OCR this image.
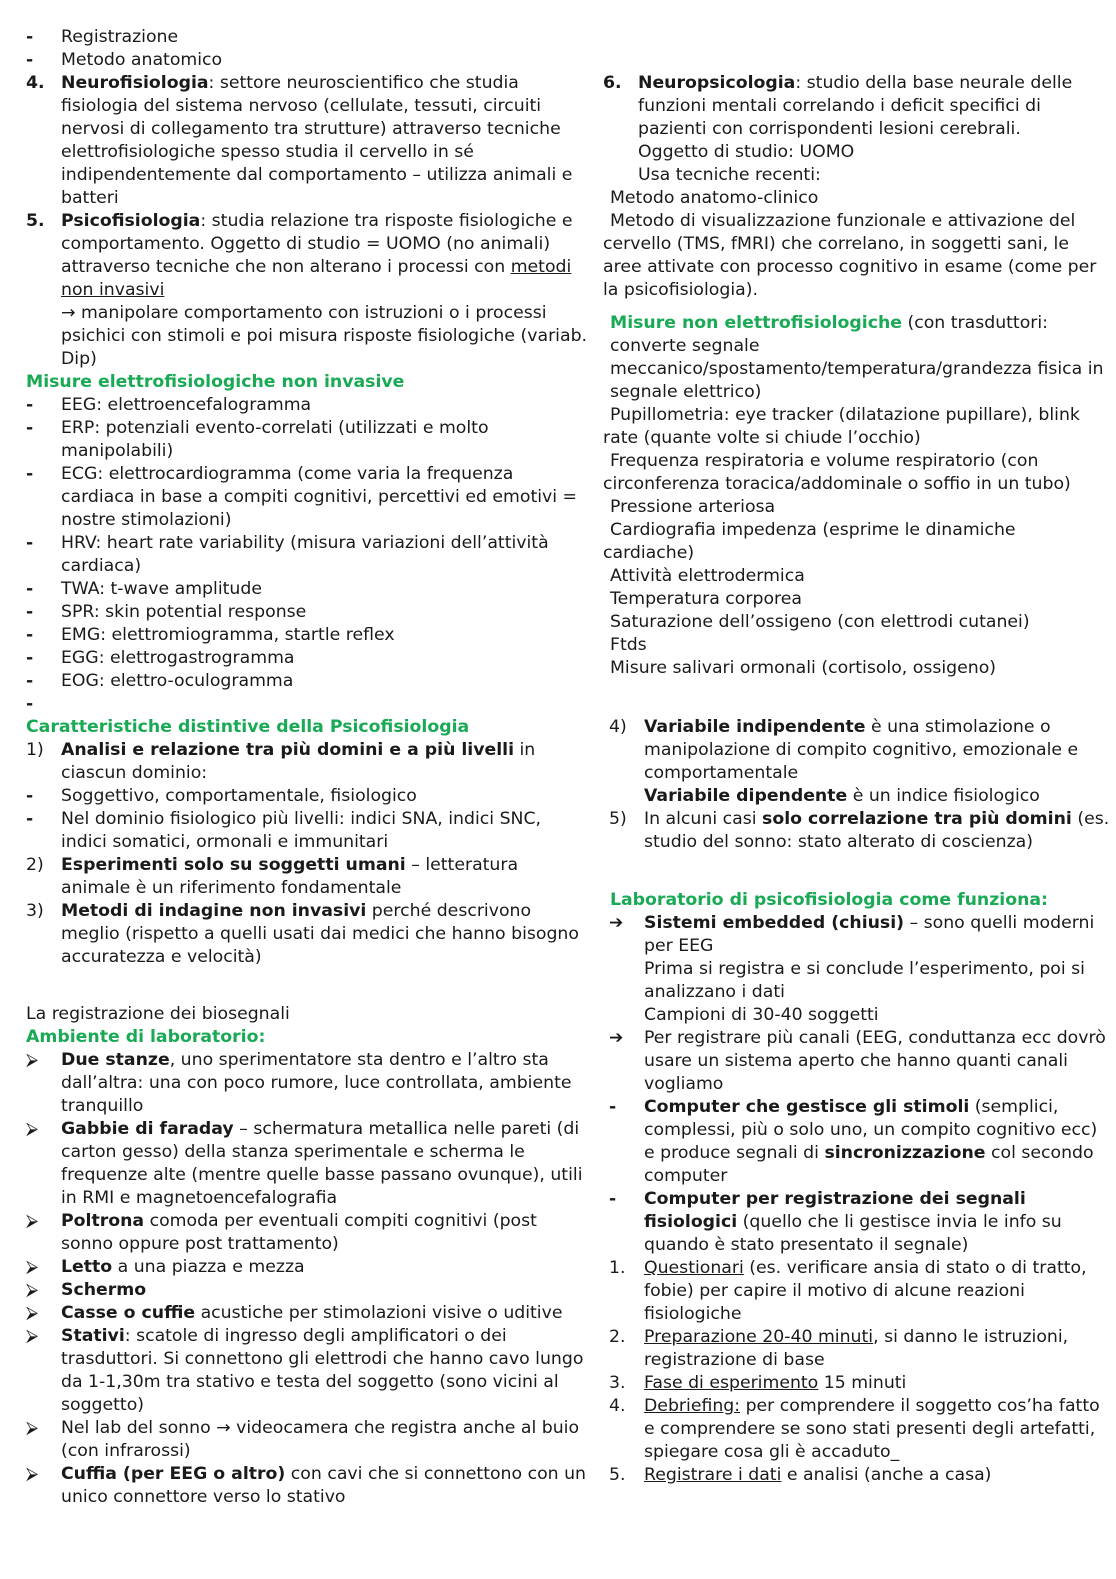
-	Registrazione

-	Metodo anatomico

4. Neurofisiologia: settore neuroscientifico che studia fisiologia del sistema nervoso (cellulate, tessuti, circuiti nervosi di collegamento tra strutture) attraverso tecniche elettrofisiologiche spesso studia il cervello in sé indipendentemente dal comportamento – utilizza animali e batteri

5. Psicofisiologia: studia relazione tra risposte fisiologiche e comportamento. Oggetto di studio = UOMO (no animali) attraverso tecniche che non alterano i processi con metodi non invasivi
→ manipolare comportamento con istruzioni o i processi psichici con stimoli e poi misura risposte fisiologiche (variab. Dip)

Misure elettrofisiologiche non invasive

-	EEG: elettroencefalogramma

-	ERP: potenziali evento-correlati (utilizzati e molto manipolabili)

-	ECG: elettrocardiogramma (come varia la frequenza cardiaca in base a compiti cognitivi, percettivi ed emotivi = nostre stimolazioni)

-	HRV: heart rate variability (misura variazioni dell’attività cardiaca)

-	TWA: t-wave amplitude

-	SPR: skin potential response

-	EMG: elettromiogramma, startle reflex

-	EGG: elettrogastrogramma

-	EOG: elettro-oculogramma

-

Caratteristiche distintive della Psicofisiologia

1) Analisi e relazione tra più domini e a più livelli in ciascun dominio:

-	Soggettivo, comportamentale, fisiologico

-	Nel dominio fisiologico più livelli: indici SNA, indici SNC, indici somatici, ormonali e immunitari

2) Esperimenti solo su soggetti umani – letteratura animale è un riferimento fondamentale

3) Metodi di indagine non invasivi perché descrivono meglio (rispetto a quelli usati dai medici che hanno bisogno accuratezza e velocità)

La registrazione dei biosegnali

Ambiente di laboratorio:

⮚	Due stanze, uno sperimentatore sta dentro e l’altro sta dall’altra: una con poco rumore, luce controllata, ambiente tranquillo

⮚	Gabbie di faraday – schermatura metallica nelle pareti (di carton gesso) della stanza sperimentale e scherma le frequenze alte (mentre quelle basse passano ovunque), utili in RMI e magnetoencefalografia

⮚	Poltrona comoda per eventuali compiti cognitivi (post sonno oppure post trattamento)

⮚	Letto a una piazza e mezza

⮚	Schermo

⮚	Casse o cuffie acustiche per stimolazioni visive o uditive

⮚	Stativi: scatole di ingresso degli amplificatori o dei trasduttori. Si connettono gli elettrodi che hanno cavo lungo da 1-1,30m tra stativo e testa del soggetto (sono vicini al soggetto)

⮚	Nel lab del sonno → videocamera che registra anche al buio (con infrarossi)

⮚	Cuffia (per EEG o altro) con cavi che si connettono con un unico connettore verso lo stativo

6. Neuropsicologia: studio della base neurale delle funzioni mentali correlando i deficit specifici di pazienti con corrispondenti lesioni cerebrali.
Oggetto di studio: UOMO
Usa tecniche recenti:

Metodo anatomo-clinico

Metodo di visualizzazione funzionale e attivazione del cervello (TMS, fMRI) che correlano, in soggetti sani, le aree attivate con processo cognitivo in esame (come per la psicofisiologia).

Misure non elettrofisiologiche (con trasduttori:

converte segnale meccanico/spostamento/temperatura/grandezza fisica in segnale elettrico)

Pupillometria: eye tracker (dilatazione pupillare), blink rate (quante volte si chiude l’occhio)

Frequenza respiratoria e volume respiratorio (con circonferenza toracica/addominale o soffio in un tubo)

Pressione arteriosa

Cardiografia impedenza (esprime le dinamiche cardiache)

Attività elettrodermica

Temperatura corporea

Saturazione dell’ossigeno (con elettrodi cutanei)

Ftds

Misure salivari ormonali (cortisolo, ossigeno)

4) Variabile indipendente è una stimolazione o manipolazione di compito cognitivo, emozionale e comportamentale
Variabile dipendente è un indice fisiologico

5) In alcuni casi solo correlazione tra più domini (es. studio del sonno: stato alterato di coscienza)

Laboratorio di psicofisiologia come funziona:

➔	Sistemi embedded (chiusi) – sono quelli moderni per EEG
Prima si registra e si conclude l’esperimento, poi si analizzano i dati
Campioni di 30-40 soggetti

➔	Per registrare più canali (EEG, conduttanza ecc dovrò usare un sistema aperto che hanno quanti canali vogliamo

-	Computer che gestisce gli stimoli (semplici, complessi, più o solo uno, un compito cognitivo ecc) e produce segnali di sincronizzazione col secondo computer

-	Computer per registrazione dei segnali fisiologici (quello che li gestisce invia le info su quando è stato presentato il segnale)

1.	Questionari (es. verificare ansia di stato o di tratto, fobie) per capire il motivo di alcune reazioni fisiologiche

2.	Preparazione 20-40 minuti, si danno le istruzioni, registrazione di base

3.	Fase di esperimento 15 minuti

4.	Debriefing: per comprendere il soggetto cos’ha fatto e comprendere se sono stati presenti degli artefatti, spiegare cosa gli è accaduto_

5.	Registrare i dati e analisi (anche a casa)
